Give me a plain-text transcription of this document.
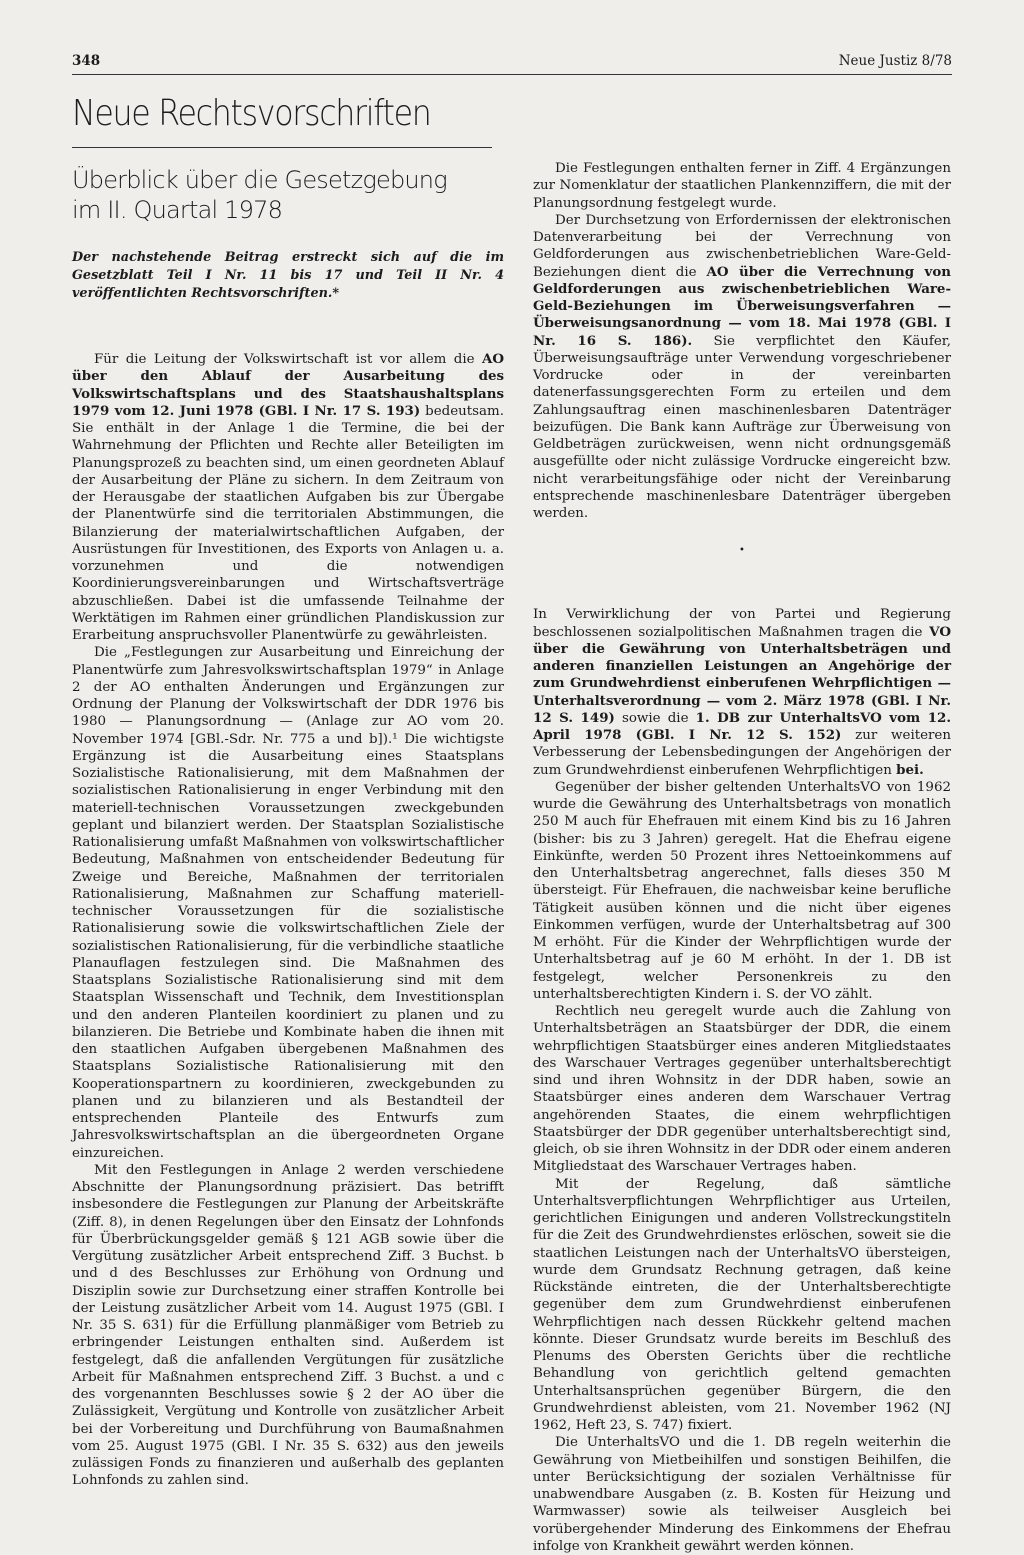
348	Neue Justiz 8/78
Neue Rechtsvorschriften
Überblick über die Gesetzgebung
im II. Quartal 1978

Der nachstehende Beitrag erstreckt sich auf die im Gesetzblatt Teil I Nr. 11 bis 17 und Teil II Nr. 4 veröffentlichten Rechtsvorschriften.*

Für die Leitung der Volkswirtschaft ist vor allem die AO über den Ablauf der Ausarbeitung des Volkswirtschaftsplans und des Staatshaushaltsplans 1979 vom 12. Juni 1978 (GBl. I Nr. 17 S. 193) bedeutsam. Sie enthält in der Anlage 1 die Termine, die bei der Wahrnehmung der Pflichten und Rechte aller Beteiligten im Planungsprozeß zu beachten sind, um einen geordneten Ablauf der Ausarbeitung der Pläne zu sichern. In dem Zeitraum von der Herausgabe der staatlichen Aufgaben bis zur Übergabe der Planentwürfe sind die territorialen Abstimmungen, die Bilanzierung der materialwirtschaftlichen Aufgaben, der Ausrüstungen für Investitionen, des Exports von Anlagen u. a. vorzunehmen und die notwendigen Koordinierungsvereinbarungen und Wirtschaftsverträge abzuschließen. Dabei ist die umfassende Teilnahme der Werktätigen im Rahmen einer gründlichen Plandiskussion zur Erarbeitung anspruchsvoller Planentwürfe zu gewährleisten.

Die „Festlegungen zur Ausarbeitung und Einreichung der Planentwürfe zum Jahresvolkswirtschaftsplan 1979“ in Anlage 2 der AO enthalten Änderungen und Ergänzungen zur Ordnung der Planung der Volkswirtschaft der DDR 1976 bis 1980 — Planungsordnung — (Anlage zur AO vom 20. November 1974 [GBl.-Sdr. Nr. 775 a und b]).¹ Die wichtigste Ergänzung ist die Ausarbeitung eines Staatsplans Sozialistische Rationalisierung, mit dem Maßnahmen der sozialistischen Rationalisierung in enger Verbindung mit den materiell-technischen Voraussetzungen zweckgebunden geplant und bilanziert werden. Der Staatsplan Sozialistische Rationalisierung umfaßt Maßnahmen von volkswirtschaftlicher Bedeutung, Maßnahmen von entscheidender Bedeutung für Zweige und Bereiche, Maßnahmen der territorialen Rationalisierung, Maßnahmen zur Schaffung materiell-technischer Voraussetzungen für die sozialistische Rationalisierung sowie die volkswirtschaftlichen Ziele der sozialistischen Rationalisierung, für die verbindliche staatliche Planauflagen festzulegen sind. Die Maßnahmen des Staatsplans Sozialistische Rationalisierung sind mit dem Staatsplan Wissenschaft und Technik, dem Investitionsplan und den anderen Planteilen koordiniert zu planen und zu bilanzieren. Die Betriebe und Kombinate haben die ihnen mit den staatlichen Aufgaben übergebenen Maßnahmen des Staatsplans Sozialistische Rationalisierung mit den Kooperationspartnern zu koordinieren, zweckgebunden zu planen und zu bilanzieren und als Bestandteil der entsprechenden Planteile des Entwurfs zum Jahresvolkswirtschaftsplan an die übergeordneten Organe einzureichen.

Mit den Festlegungen in Anlage 2 werden verschiedene Abschnitte der Planungsordnung präzisiert. Das betrifft insbesondere die Festlegungen zur Planung der Arbeitskräfte (Ziff. 8), in denen Regelungen über den Einsatz der Lohnfonds für Überbrückungsgelder gemäß § 121 AGB sowie über die Vergütung zusätzlicher Arbeit entsprechend Ziff. 3 Buchst. b und d des Beschlusses zur Erhöhung von Ordnung und Disziplin sowie zur Durchsetzung einer straffen Kontrolle bei der Leistung zusätzlicher Arbeit vom 14. August 1975 (GBl. I Nr. 35 S. 631) für die Erfüllung planmäßiger vom Betrieb zu erbringender Leistungen enthalten sind. Außerdem ist festgelegt, daß die anfallenden Vergütungen für zusätzliche Arbeit für Maßnahmen entsprechend Ziff. 3 Buchst. a und c des vorgenannten Beschlusses sowie § 2 der AO über die Zulässigkeit, Vergütung und Kontrolle von zusätzlicher Arbeit bei der Vorbereitung und Durchführung von Baumaßnahmen vom 25. August 1975 (GBl. I Nr. 35 S. 632) aus den jeweils zulässigen Fonds zu finanzieren und außerhalb des geplanten Lohnfonds zu zahlen sind.

Die Festlegungen enthalten ferner in Ziff. 4 Ergänzungen zur Nomenklatur der staatlichen Plankennziffern, die mit der Planungsordnung festgelegt wurde.

Der Durchsetzung von Erfordernissen der elektronischen Datenverarbeitung bei der Verrechnung von Geldforderungen aus zwischenbetrieblichen Ware-Geld-Beziehungen dient die AO über die Verrechnung von Geldforderungen aus zwischenbetrieblichen Ware-Geld-Beziehungen im Überweisungsverfahren — Überweisungsanordnung — vom 18. Mai 1978 (GBl. I Nr. 16 S. 186). Sie verpflichtet den Käufer, Überweisungsaufträge unter Verwendung vorgeschriebener Vordrucke oder in der vereinbarten datenerfassungsgerechten Form zu erteilen und dem Zahlungsauftrag einen maschinenlesbaren Datenträger beizufügen. Die Bank kann Aufträge zur Überweisung von Geldbeträgen zurückweisen, wenn nicht ordnungsgemäß ausgefüllte oder nicht zulässige Vordrucke eingereicht bzw. nicht verarbeitungsfähige oder nicht der Vereinbarung entsprechende maschinenlesbare Datenträger übergeben werden.

•

In Verwirklichung der von Partei und Regierung beschlossenen sozialpolitischen Maßnahmen tragen die VO über die Gewährung von Unterhaltsbeträgen und anderen finanziellen Leistungen an Angehörige der zum Grundwehrdienst einberufenen Wehrpflichtigen — Unterhaltsverordnung — vom 2. März 1978 (GBl. I Nr. 12 S. 149) sowie die 1. DB zur UnterhaltsVO vom 12. April 1978 (GBl. I Nr. 12 S. 152) zur weiteren Verbesserung der Lebensbedingungen der Angehörigen der zum Grundwehrdienst einberufenen Wehrpflichtigen bei.

Gegenüber der bisher geltenden UnterhaltsVO von 1962 wurde die Gewährung des Unterhaltsbetrags von monatlich 250 M auch für Ehefrauen mit einem Kind bis zu 16 Jahren (bisher: bis zu 3 Jahren) geregelt. Hat die Ehefrau eigene Einkünfte, werden 50 Prozent ihres Nettoeinkommens auf den Unterhaltsbetrag angerechnet, falls dieses 350 M übersteigt. Für Ehefrauen, die nachweisbar keine berufliche Tätigkeit ausüben können und die nicht über eigenes Einkommen verfügen, wurde der Unterhaltsbetrag auf 300 M erhöht. Für die Kinder der Wehrpflichtigen wurde der Unterhaltsbetrag auf je 60 M erhöht. In der 1. DB ist festgelegt, welcher Personenkreis zu den unterhaltsberechtigten Kindern i. S. der VO zählt.

Rechtlich neu geregelt wurde auch die Zahlung von Unterhaltsbeträgen an Staatsbürger der DDR, die einem wehrpflichtigen Staatsbürger eines anderen Mitgliedstaates des Warschauer Vertrages gegenüber unterhaltsberechtigt sind und ihren Wohnsitz in der DDR haben, sowie an Staatsbürger eines anderen dem Warschauer Vertrag angehörenden Staates, die einem wehrpflichtigen Staatsbürger der DDR gegenüber unterhaltsberechtigt sind, gleich, ob sie ihren Wohnsitz in der DDR oder einem anderen Mitgliedstaat des Warschauer Vertrages haben.

Mit der Regelung, daß sämtliche Unterhaltsverpflichtungen Wehrpflichtiger aus Urteilen, gerichtlichen Einigungen und anderen Vollstreckungstiteln für die Zeit des Grundwehrdienstes erlöschen, soweit sie die staatlichen Leistungen nach der UnterhaltsVO übersteigen, wurde dem Grundsatz Rechnung getragen, daß keine Rückstände eintreten, die der Unterhaltsberechtigte gegenüber dem zum Grundwehrdienst einberufenen Wehrpflichtigen nach dessen Rückkehr geltend machen könnte. Dieser Grundsatz wurde bereits im Beschluß des Plenums des Obersten Gerichts über die rechtliche Behandlung von gerichtlich geltend gemachten Unterhaltsansprüchen gegenüber Bürgern, die den Grundwehrdienst ableisten, vom 21. November 1962 (NJ 1962, Heft 23, S. 747) fixiert.

Die UnterhaltsVO und die 1. DB regeln weiterhin die Gewährung von Mietbeihilfen und sonstigen Beihilfen, die unter Berücksichtigung der sozialen Verhältnisse für unabwendbare Ausgaben (z. B. Kosten für Heizung und Warmwasser) sowie als teilweiser Ausgleich bei vorübergehender Minderung des Einkommens der Ehefrau infolge von Krankheit gewährt werden können.
